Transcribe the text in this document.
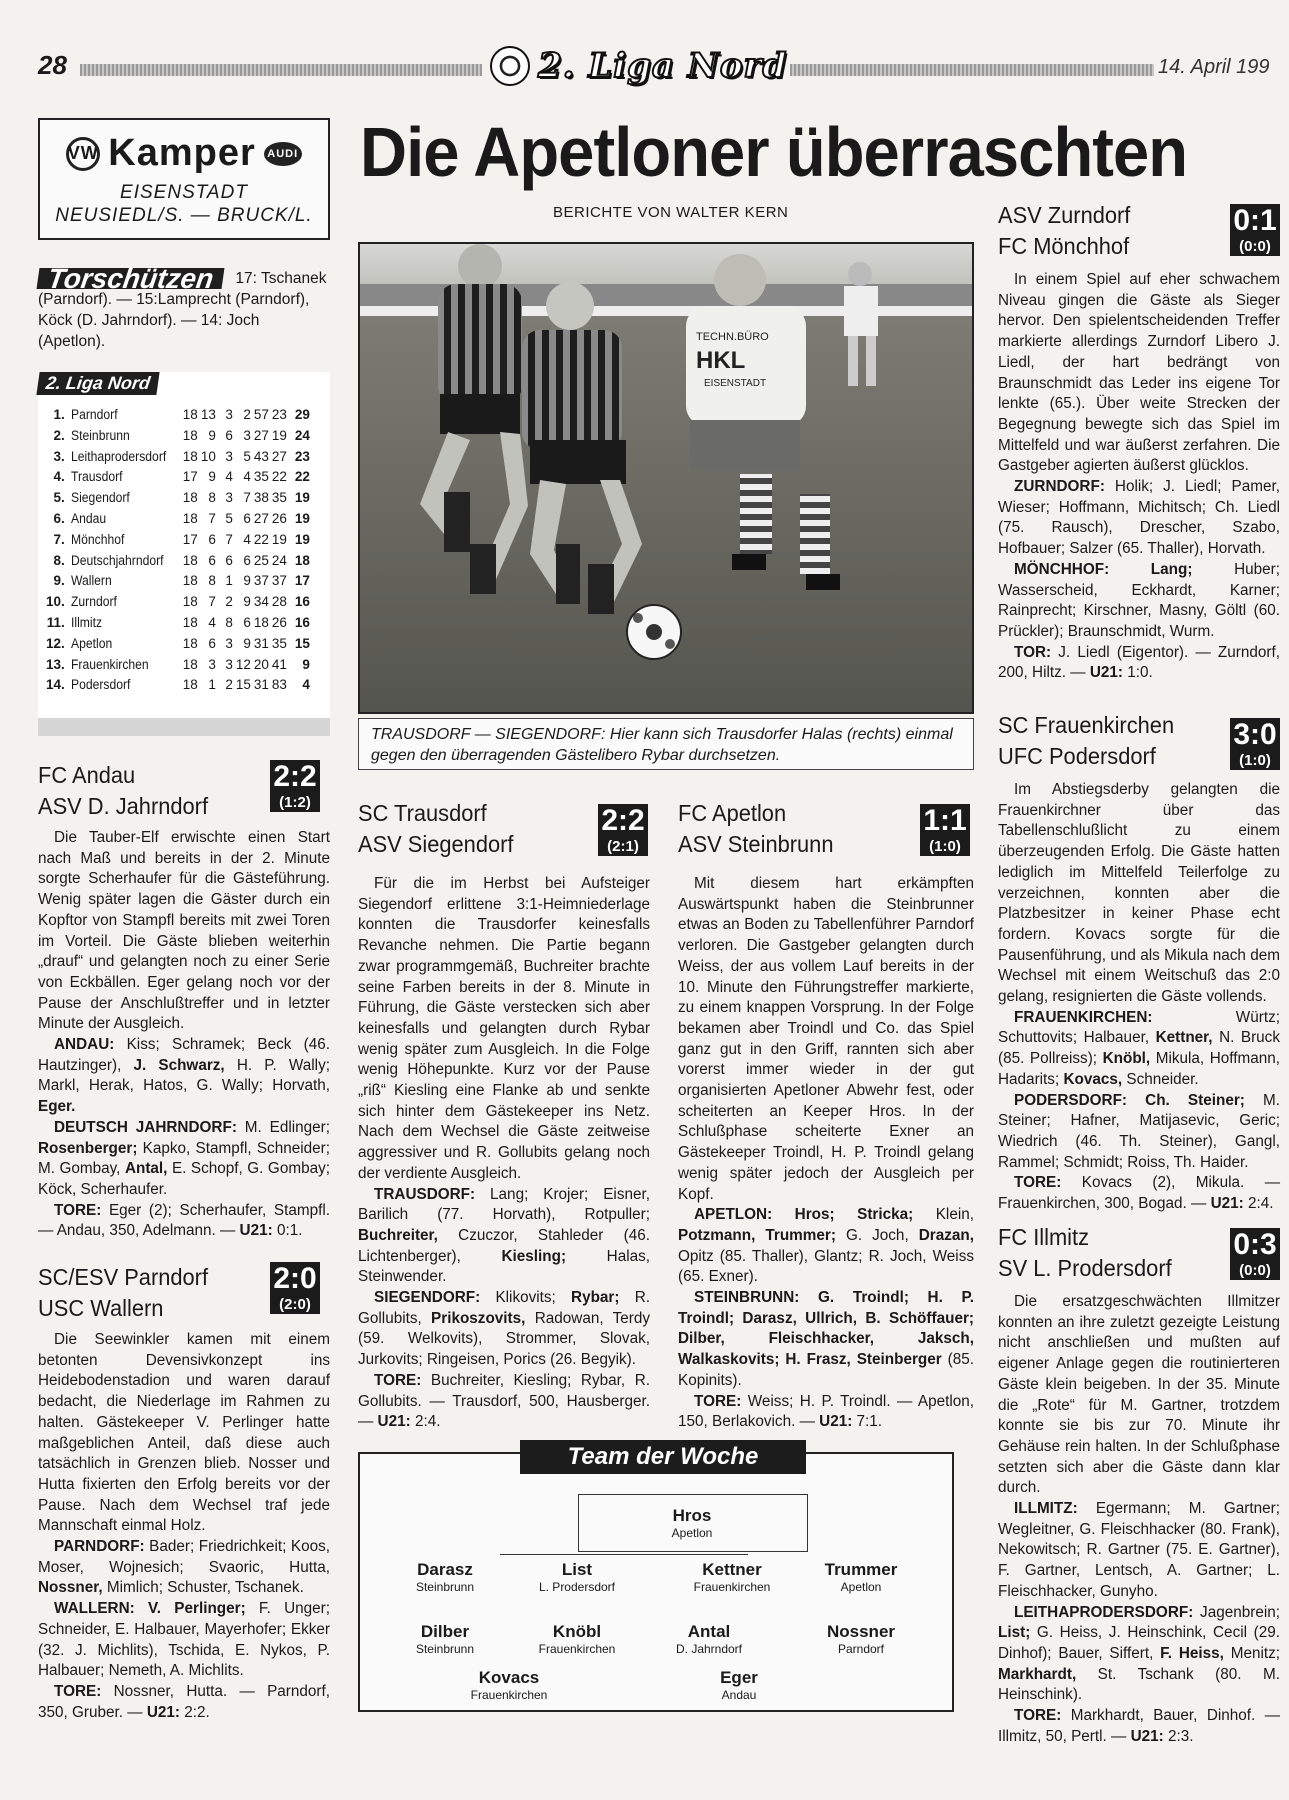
28	2. Liga Nord	14. April 199
VW Kamper	AUDI
EISENSTADT
NEUSIEDL/S. — BRUCK/L.
Die Apetloner überraschten
BERICHTE VON WALTER KERN
Torschützen	17: Tschanek (Parndorf). — 15:Lamprecht (Parndorf), Köck (D. Jahrndorf). — 14: Joch (Apetlon).
2. Liga Nord
1.	Parndorf	18	13	3	2	57	23	29
2.	Steinbrunn	18	9	6	3	27	19	24
3.	Leithaprodersdorf	18	10	3	5	43	27	23
4.	Trausdorf	17	9	4	4	35	22	22
5.	Siegendorf	18	8	3	7	38	35	19
6.	Andau	18	7	5	6	27	26	19
7.	Mönchhof	17	6	7	4	22	19	19
8.	Deutschjahrndorf	18	6	6	6	25	24	18
9.	Wallern	18	8	1	9	37	37	17
10.	Zurndorf	18	7	2	9	34	28	16
11.	Illmitz	18	4	8	6	18	26	16
12.	Apetlon	18	6	3	9	31	35	15
13.	Frauenkirchen	18	3	3	12	20	41	9
14.	Podersdorf	18	1	2	15	31	83	4
TECHN.BÜRO
HKL
EISENSTADT
TRAUSDORF — SIEGENDORF: Hier kann sich Trausdorfer Halas (rechts) einmal gegen den überragenden Gästelibero Rybar durchsetzen.
FC Andau
ASV D. Jahrndorf
2:2
(1:2)

Die Tauber-Elf erwischte einen Start nach Maß und bereits in der 2. Minute sorgte Scherhaufer für die Gästeführung. Wenig später lagen die Gäster durch ein Kopftor von Stampfl bereits mit zwei Toren im Vorteil. Die Gäste blieben weiterhin „drauf“ und gelangten noch zu einer Serie von Eckbällen. Eger gelang noch vor der Pause der Anschlußtreffer und in letzter Minute der Ausgleich.

ANDAU: Kiss; Schramek; Beck (46. Hautzinger), J. Schwarz, H. P. Wally; Markl, Herak, Hatos, G. Wally; Horvath, Eger.

DEUTSCH JAHRNDORF: M. Edlinger; Rosenberger; Kapko, Stampfl, Schneider; M. Gombay, Antal, E. Schopf, G. Gombay; Köck, Scherhaufer.

TORE: Eger (2); Scherhaufer, Stampfl. — Andau, 350, Adelmann. — U21: 0:1.

SC/ESV Parndorf
USC Wallern
2:0
(2:0)

Die Seewinkler kamen mit einem betonten Devensivkonzept ins Heidebodenstadion und waren darauf bedacht, die Niederlage im Rahmen zu halten. Gästekeeper V. Perlinger hatte maßgeblichen Anteil, daß diese auch tatsächlich in Grenzen blieb. Nosser und Hutta fixierten den Erfolg bereits vor der Pause. Nach dem Wechsel traf jede Mannschaft einmal Holz.

PARNDORF: Bader; Friedrichkeit; Koos, Moser, Wojnesich; Svaoric, Hutta, Nossner, Mimlich; Schuster, Tschanek.

WALLERN: V. Perlinger; F. Unger; Schneider, E. Halbauer, Mayerhofer; Ekker (32. J. Michlits), Tschida, E. Nykos, P. Halbauer; Nemeth, A. Michlits.

TORE: Nossner, Hutta. — Parndorf, 350, Gruber. — U21: 2:2.

SC Trausdorf
ASV Siegendorf
2:2
(2:1)

Für die im Herbst bei Aufsteiger Siegendorf erlittene 3:1-Heimniederlage konnten die Trausdorfer keinesfalls Revanche nehmen. Die Partie begann zwar programmgemäß, Buchreiter brachte seine Farben bereits in der 8. Minute in Führung, die Gäste verstecken sich aber keinesfalls und gelangten durch Rybar wenig später zum Ausgleich. In die Folge wenig Höhepunkte. Kurz vor der Pause „riß“ Kiesling eine Flanke ab und senkte sich hinter dem Gästekeeper ins Netz. Nach dem Wechsel die Gäste zeitweise aggressiver und R. Gollubits gelang noch der verdiente Ausgleich.

TRAUSDORF: Lang; Krojer; Eisner, Barilich (77. Horvath), Rotpuller; Buchreiter, Czuczor, Stahleder (46. Lichtenberger), Kiesling; Halas, Steinwender.

SIEGENDORF: Klikovits; Rybar; R. Gollubits, Prikoszovits, Radowan, Terdy (59. Welkovits), Strommer, Slovak, Jurkovits; Ringeisen, Porics (26. Begyik).

TORE: Buchreiter, Kiesling; Rybar, R. Gollubits. — Trausdorf, 500, Hausberger. — U21: 2:4.

FC Apetlon
ASV Steinbrunn
1:1
(1:0)

Mit diesem hart erkämpften Auswärtspunkt haben die Steinbrunner etwas an Boden zu Tabellenführer Parndorf verloren. Die Gastgeber gelangten durch Weiss, der aus vollem Lauf bereits in der 10. Minute den Führungstreffer markierte, zu einem knappen Vorsprung. In der Folge bekamen aber Troindl und Co. das Spiel ganz gut in den Griff, rannten sich aber vorerst immer wieder in der gut organisierten Apetloner Abwehr fest, oder scheiterten an Keeper Hros. In der Schlußphase scheiterte Exner an Gästekeeper Troindl, H. P. Troindl gelang wenig später jedoch der Ausgleich per Kopf.

APETLON: Hros; Stricka; Klein, Potzmann, Trummer; G. Joch, Drazan, Opitz (85. Thaller), Glantz; R. Joch, Weiss (65. Exner).

STEINBRUNN: G. Troindl; H. P. Troindl; Darasz, Ullrich, B. Schöffauer; Dilber, Fleischhacker, Jaksch, Walkaskovits; H. Frasz, Steinberger (85. Kopinits).

TORE: Weiss; H. P. Troindl. — Apetlon, 150, Berlakovich. — U21: 7:1.

ASV Zurndorf
FC Mönchhof
0:1
(0:0)

In einem Spiel auf eher schwachem Niveau gingen die Gäste als Sieger hervor. Den spielentscheidenden Treffer markierte allerdings Zurndorf Libero J. Liedl, der hart bedrängt von Braunschmidt das Leder ins eigene Tor lenkte (65.). Über weite Strecken der Begegnung bewegte sich das Spiel im Mittelfeld und war äußerst zerfahren. Die Gastgeber agierten äußerst glücklos.

ZURNDORF: Holik; J. Liedl; Pamer, Wieser; Hoffmann, Michitsch; Ch. Liedl (75. Rausch), Drescher, Szabo, Hofbauer; Salzer (65. Thaller), Horvath.

MÖNCHHOF: Lang; Huber; Wasserscheid, Eckhardt, Karner; Rainprecht; Kirschner, Masny, Göltl (60. Prückler); Braunschmidt, Wurm.

TOR: J. Liedl (Eigentor). — Zurndorf, 200, Hiltz. — U21: 1:0.

SC Frauenkirchen
UFC Podersdorf
3:0
(1:0)

Im Abstiegsderby gelangten die Frauenkirchner über das Tabellenschlußlicht zu einem überzeugenden Erfolg. Die Gäste hatten lediglich im Mittelfeld Teilerfolge zu verzeichnen, konnten aber die Platzbesitzer in keiner Phase echt fordern. Kovacs sorgte für die Pausenführung, und als Mikula nach dem Wechsel mit einem Weitschuß das 2:0 gelang, resignierten die Gäste vollends.

FRAUENKIRCHEN: Würtz; Schuttovits; Halbauer, Kettner, N. Bruck (85. Pollreiss); Knöbl, Mikula, Hoffmann, Hadarits; Kovacs, Schneider.

PODERSDORF: Ch. Steiner; M. Steiner; Hafner, Matijasevic, Geric; Wiedrich (46. Th. Steiner), Gangl, Rammel; Schmidt; Roiss, Th. Haider.

TORE: Kovacs (2), Mikula. — Frauenkirchen, 300, Bogad. — U21: 2:4.

FC Illmitz
SV L. Prodersdorf
0:3
(0:0)

Die ersatzgeschwächten Illmitzer konnten an ihre zuletzt gezeigte Leistung nicht anschließen und mußten auf eigener Anlage gegen die routinierteren Gäste klein beigeben. In der 35. Minute die „Rote“ für M. Gartner, trotzdem konnte sie bis zur 70. Minute ihr Gehäuse rein halten. In der Schlußphase setzten sich aber die Gäste dann klar durch.

ILLMITZ: Egermann; M. Gartner; Wegleitner, G. Fleischhacker (80. Frank), Nekowitsch; R. Gartner (75. E. Gartner), F. Gartner, Lentsch, A. Gartner; L. Fleischhacker, Gunyho.

LEITHAPRODERSDORF: Jagenbrein; List; G. Heiss, J. Heinschink, Cecil (29. Dinhof); Bauer, Siffert, F. Heiss, Menitz; Markhardt, St. Tschank (80. M. Heinschink).

TORE: Markhardt, Bauer, Dinhof. — Illmitz, 50, Pertl. — U21: 2:3.

Hros
Apetlon
Darasz
Steinbrunn
List
L. Prodersdorf
Kettner
Frauenkirchen
Trummer
Apetlon
Dilber
Steinbrunn
Knöbl
Frauenkirchen
Antal
D. Jahrndorf
Nossner
Parndorf
Kovacs
Frauenkirchen
Eger
Andau
Team der Woche
